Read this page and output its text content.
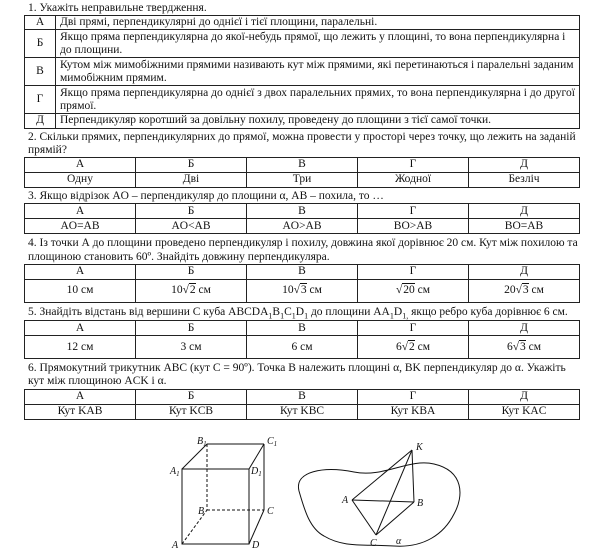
1. Укажіть неправильне твердження.

А	Дві прямі, перпендикулярні до однієї і тієї площини, паралельні.
Б	Якщо пряма перпендикулярна до якої-небудь прямої, що лежить у площині, то вона перпендикулярна і до площини.
В	Кутом між мимобіжними прямими називають кут між прямими, які перетинаються і паралельні заданим мимобіжним прямим.
Г	Якщо пряма перпендикулярна до однієї з двох паралельних прямих, то вона перпендикулярна і до другої прямої.
Д	Перпендикуляр коротший за довільну похилу, проведену до площини з тієї самої точки.

2. Скільки прямих, перпендикулярних до прямої, можна провести у просторі через точку, що лежить на заданій прямій?

А	Б	В	Г	Д
Одну	Дві	Три	Жодної	Безліч

3. Якщо відрізок AO – перпендикуляр до площини α, AB – похила, то …

А	Б	В	Г	Д
AO=AB	AO<AB	AO>AB	BO>AB	BO=AB

4. Із точки А до площини проведено перпендикуляр і похилу, довжина якої дорівнює 20 см. Кут між похилою та площиною становить 60º. Знайдіть довжину перпендикуляра.

А	Б	В	Г	Д
10 см	10√2 см	10√3 см	√20 см	20√3 см

5. Знайдіть відстань від вершини С куба $ABCDA_1B_1C_1D_1$ до площини $AA_1D_{1,}$ якщо ребро куба дорівнює 6 см.

А	Б	В	Г	Д
12 см	3 см	6 см	6√2 см	6√3 см

6. Прямокутний трикутник ABC (кут C = 90º). Точка B належить площині α, BK перпендикуляр до α. Укажіть кут між площиною ACK і α.

А	Б	В	Г	Д
Кут KAB	Кут KCB	Кут KBC	Кут KBA	Кут KAC
$B_1$	$C_1$
$A_1$	$D_1$
B	C
A	D
K
A	B
C α
